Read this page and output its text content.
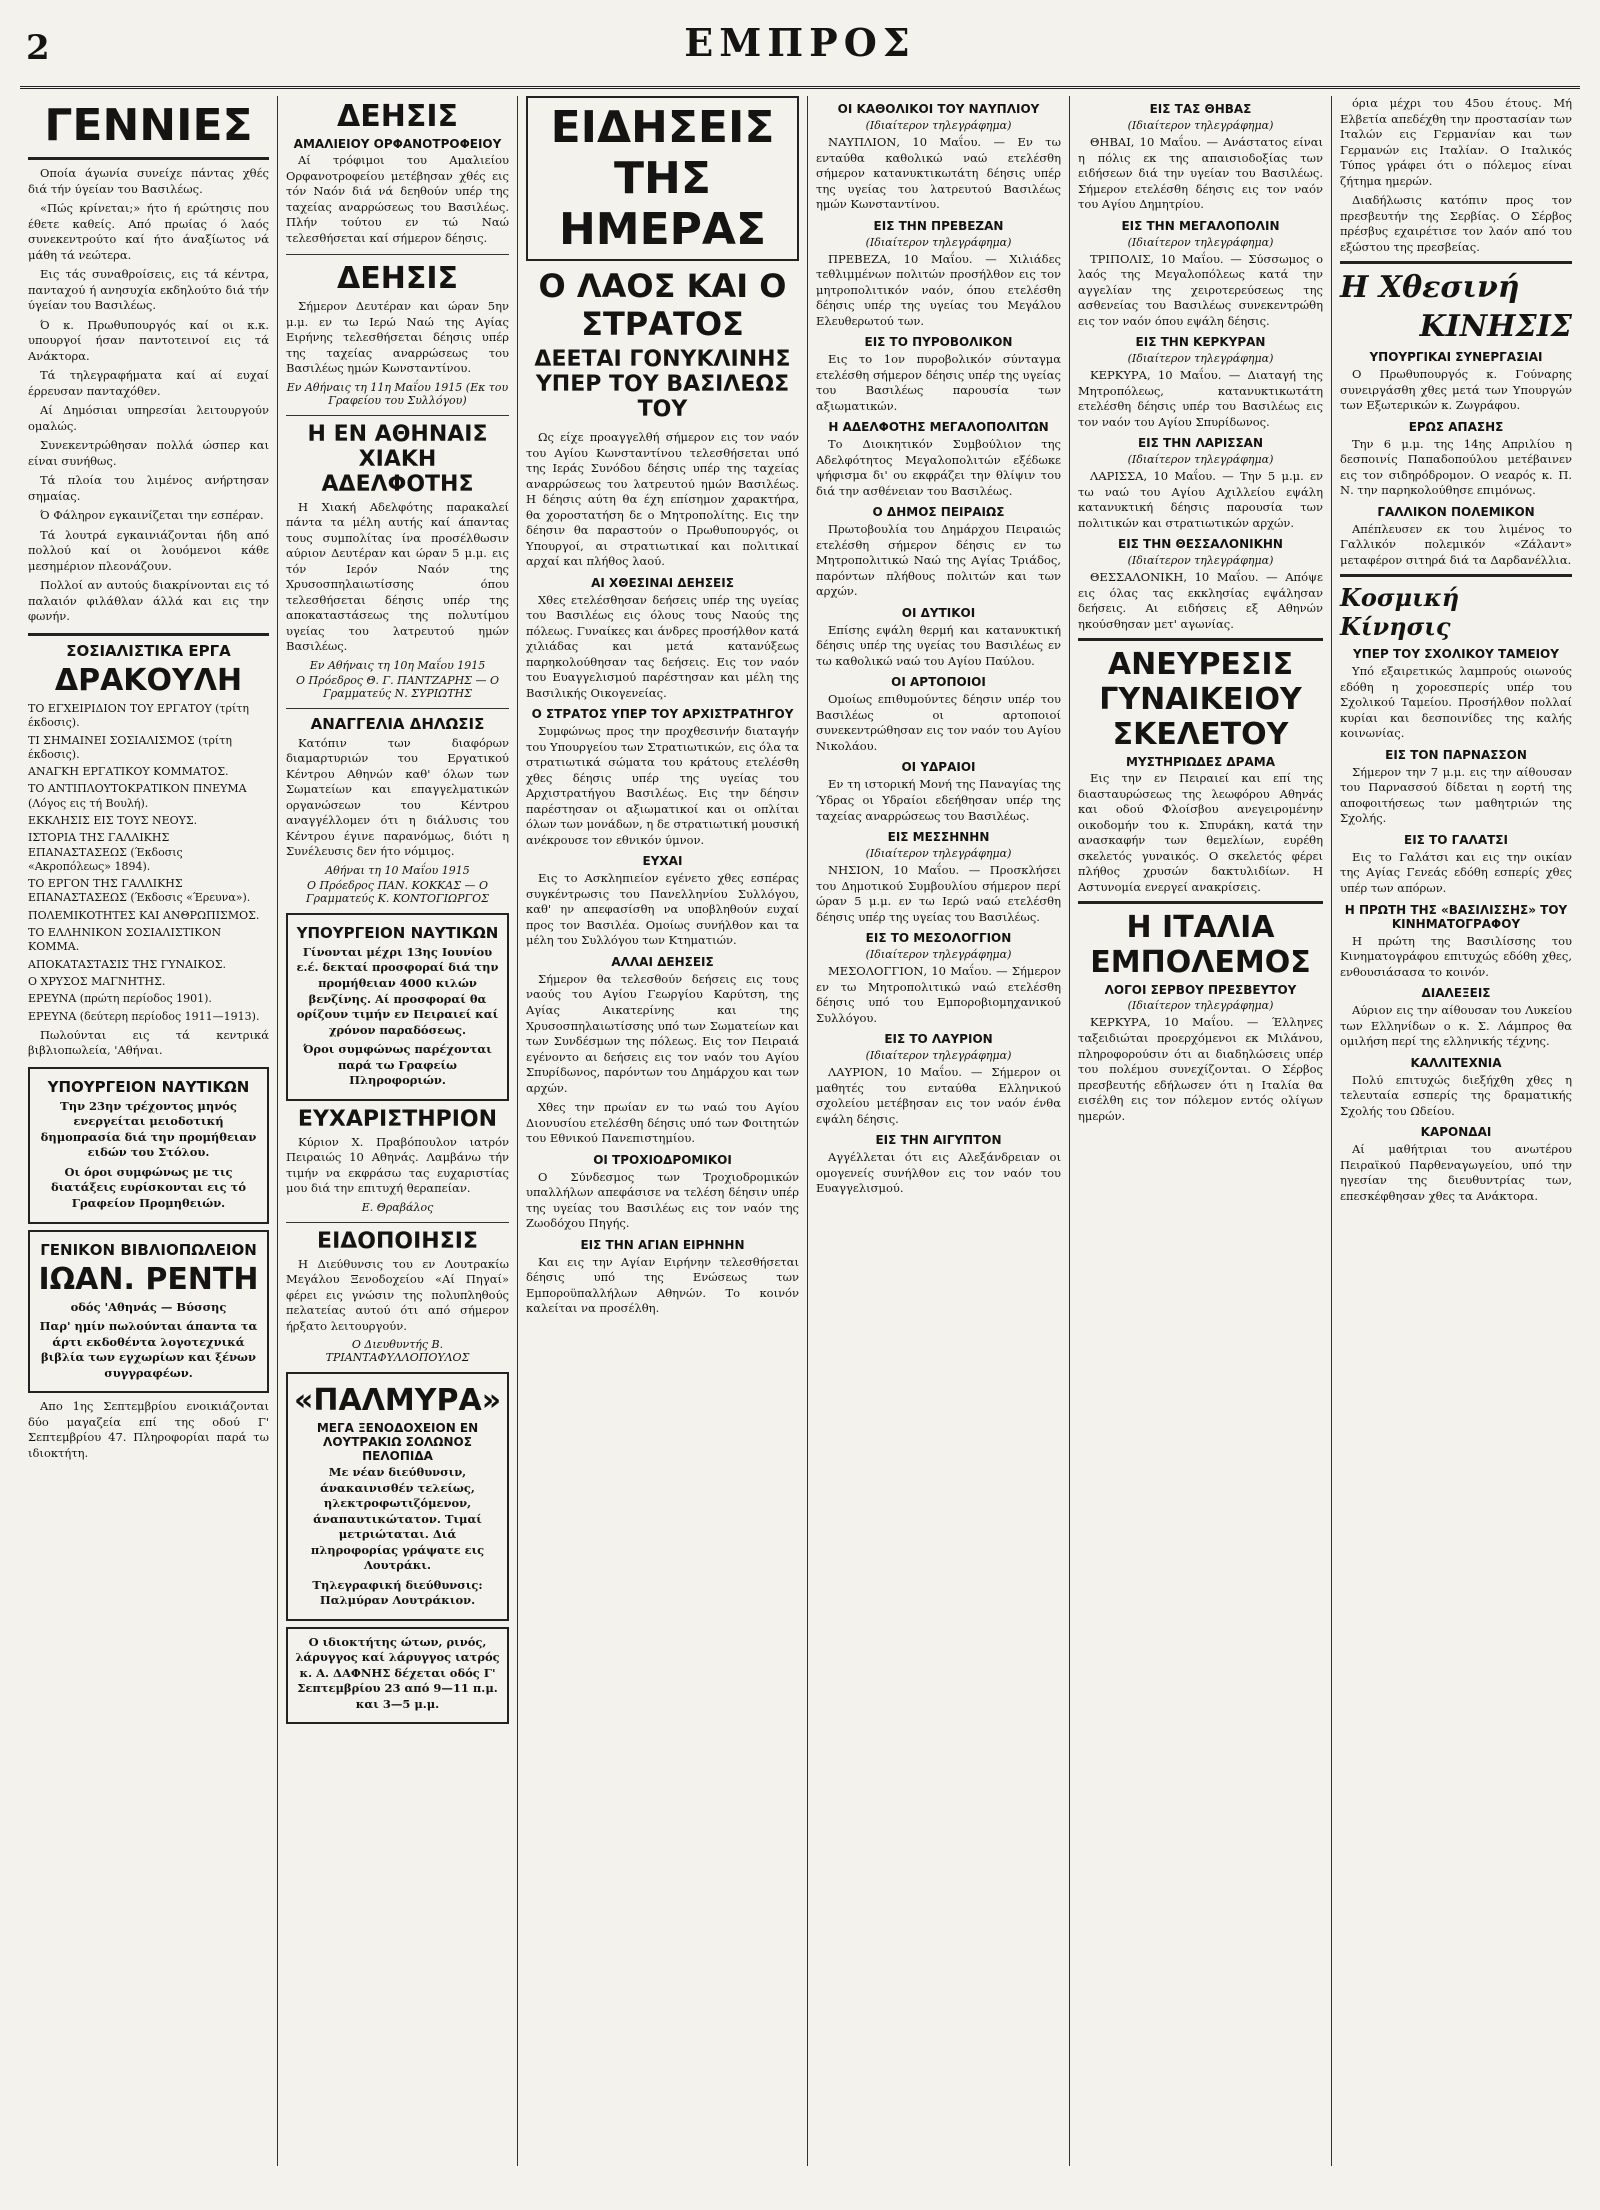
2	ΕΜΠΡΟΣ
ΓΕΝΝΙΕΣ

Οποία άγωνία συνείχε πάντας χθές διά τήν ύγείαν του Βασιλέως.

«Πώς κρίνεται;» ήτο ή ερώτησις που έθετε καθείς. Από πρωίας ό λαός συνεκεντρούτο καί ήτο άναξίωτος νά μάθη τά νεώτερα.

Εις τάς συναθροίσεις, εις τά κέντρα, πανταχού ή ανησυχία εκδηλούτο διά τήν ύγείαν του Βασιλέως.

Ό κ. Πρωθυπουργός καί οι κ.κ. υπουργοί ήσαν παντοτεινοί εις τά Ανάκτορα.

Τά τηλεγραφήματα καί αί ευχαί έρρευσαν πανταχόθεν.

Αί Δημόσιαι υπηρεσίαι λειτουργούν ομαλώς.

Συνεκεντρώθησαν πολλά ώσπερ και είναι συνήθως.

Τά πλοία του λιμένος ανήρτησαν σημαίας.

Ό Φάληρον εγκαινίζεται την εσπέραν.

Τά λουτρά εγκαινιάζονται ήδη από πολλού καί οι λουόμενοι κάθε μεσημέριον πλεονάζουν.

Πολλοί αν αυτούς διακρίνονται εις τό παλαιόν φιλάθλαν άλλά και εις την φωνήν.

ΣΟΣΙΑΛΙΣΤΙΚΑ ΕΡΓΑ
ΔΡΑΚΟΥΛΗ
ΤΟ ΕΓΧΕΙΡΙΔΙΟΝ ΤΟΥ ΕΡΓΑΤΟΥ (τρίτη έκδοσις).
ΤΙ ΣΗΜΑΙΝΕΙ ΣΟΣΙΑΛΙΣΜΟΣ (τρίτη έκδοσις).
ΑΝΑΓΚΗ ΕΡΓΑΤΙΚΟΥ ΚΟΜΜΑΤΟΣ.
ΤΟ ΑΝΤΙΠΛΟΥΤΟΚΡΑΤΙΚΟΝ ΠΝΕΥΜΑ (Λόγος εις τή Βουλή).
ΕΚΚΛΗΣΙΣ ΕΙΣ ΤΟΥΣ ΝΕΟΥΣ.
ΙΣΤΟΡΙΑ ΤΗΣ ΓΑΛΛΙΚΗΣ ΕΠΑΝΑΣΤΑΣΕΩΣ (Έκδοσις «Ακροπόλεως» 1894).
ΤΟ ΕΡΓΟΝ ΤΗΣ ΓΑΛΛΙΚΗΣ ΕΠΑΝΑΣΤΑΣΕΩΣ (Έκδοσις «Έρευνα»).
ΠΟΛΕΜΙΚΟΤΗΤΕΣ ΚΑΙ ΑΝΘΡΩΠΙΣΜΟΣ.
ΤΟ ΕΛΛΗΝΙΚΟΝ ΣΟΣΙΑΛΙΣΤΙΚΟΝ ΚΟΜΜΑ.
ΑΠΟΚΑΤΑΣΤΑΣΙΣ ΤΗΣ ΓΥΝΑΙΚΟΣ.
Ο ΧΡΥΣΟΣ ΜΑΓΝΗΤΗΣ.
ΕΡΕΥΝΑ (πρώτη περίοδος 1901).
ΕΡΕΥΝΑ (δεύτερη περίοδος 1911—1913).

Πωλούνται εις τά κεντρικά βιβλιοπωλεία, 'Αθήναι.

ΥΠΟΥΡΓΕΙΟΝ ΝΑΥΤΙΚΩΝ

Την 23ην τρέχοντος μηνός ενεργείται μειοδοτική δημοπρασία διά την προμήθειαν ειδών του Στόλου.

Οι όροι συμφώνως με τις διατάξεις ευρίσκονται εις τό Γραφείον Προμηθειών.

ΓΕΝΙΚΟΝ ΒΙΒΛΙΟΠΩΛΕΙΟΝ
ΙΩΑΝ. ΡΕΝΤΗ

οδός 'Αθηνάς — Βύσσης

Παρ' ημίν πωλούνται άπαντα τα άρτι εκδοθέντα λογοτεχνικά βιβλία των εγχωρίων και ξένων συγγραφέων.

Απο 1ης Σεπτεμβρίου ενοικιάζονται δύο μαγαζεία επί της οδού Γ' Σεπτεμβρίου 47. Πληροφορίαι παρά τω ιδιοκτήτη.

ΔΕΗΣΙΣ
ΑΜΑΛΙΕΙΟΥ ΟΡΦΑΝΟΤΡΟΦΕΙΟΥ

Αί τρόφιμοι του Αμαλιείου Ορφανοτροφείου μετέβησαν χθές εις τόν Ναόν διά νά δεηθούν υπέρ της ταχείας αναρρώσεως του Βασιλέως. Πλήν τούτου εν τώ Ναώ τελεσθήσεται καί σήμερον δέησις.

ΔΕΗΣΙΣ

Σήμερον Δευτέραν και ώραν 5ην μ.μ. εν τω Ιερώ Ναώ της Αγίας Ειρήνης τελεσθήσεται δέησις υπέρ της ταχείας αναρρώσεως του Βασιλέως ημών Κωνσταντίνου.

Εν Αθήναις τη 11η Μαΐου 1915 (Εκ του Γραφείου του Συλλόγου)
Η ΕΝ ΑΘΗΝΑΙΣ ΧΙΑΚΗ ΑΔΕΛΦΟΤΗΣ

Η Χιακή Αδελφότης παρακαλεί πάντα τα μέλη αυτής καί άπαντας τους συμπολίτας ίνα προσέλθωσιν αύριον Δευτέραν και ώραν 5 μ.μ. εις τόν Ιερόν Ναόν της Χρυσοσπηλαιωτίσσης όπου τελεσθήσεται δέησις υπέρ της αποκαταστάσεως της πολυτίμου υγείας του λατρευτού ημών Βασιλέως.

Εν Αθήναις τη 10η Μαΐου 1915
Ο Πρόεδρος Θ. Γ. ΠΑΝΤΖΑΡΗΣ — Ο Γραμματεύς Ν. ΣΥΡΙΩΤΗΣ
ΑΝΑΓΓΕΛΙΑ ΔΗΛΩΣΙΣ

Κατόπιν των διαφόρων διαμαρτυριών του Εργατικού Κέντρου Αθηνών καθ' όλων των Σωματείων και επαγγελματικών οργανώσεων του Κέντρου αναγγέλλομεν ότι η διάλυσις του Κέντρου έγινε παρανόμως, διότι η Συνέλευσις δεν ήτο νόμιμος.

Αθήναι τη 10 Μαΐου 1915
Ο Πρόεδρος ΠΑΝ. ΚΟΚΚΑΣ — Ο Γραμματεύς Κ. ΚΟΝΤΟΓΙΩΡΓΟΣ
ΥΠΟΥΡΓΕΙΟΝ ΝΑΥΤΙΚΩΝ

Γίνονται μέχρι 13ης Ιουνίου ε.έ. δεκταί προσφοραί διά την προμήθειαν 4000 κιλών βενζίνης. Αί προσφοραί θα ορίζουν τιμήν εν Πειραιεί καί χρόνον παραδόσεως.

Όροι συμφώνως παρέχονται παρά τω Γραφείω Πληροφοριών.

ΕΥΧΑΡΙΣΤΗΡΙΟΝ

Κύριον Χ. Πραβόπουλον ιατρόν Πειραιώς 10 Αθηνάς. Λαμβάνω τήν τιμήν να εκφράσω τας ευχαριστίας μου διά την επιτυχή θεραπείαν.

Ε. Θραβάλος
ΕΙΔΟΠΟΙΗΣΙΣ

Η Διεύθυνσις του εν Λουτρακίω Μεγάλου Ξενοδοχείου «Αί Πηγαί» φέρει εις γνώσιν της πολυπληθούς πελατείας αυτού ότι από σήμερον ήρξατο λειτουργούν.

Ο Διευθυντής Β. ΤΡΙΑΝΤΑΦΥΛΛΟΠΟΥΛΟΣ
«ΠΑΛΜΥΡΑ»
ΜΕΓΑ ΞΕΝΟΔΟΧΕΙΟΝ ΕΝ ΛΟΥΤΡΑΚΙΩ ΣΟΛΩΝΟΣ ΠΕΛΟΠΙΔΑ

Με νέαν διεύθυνσιν, άνακαινισθέν τελείως, ηλεκτροφωτιζόμενον, άναπαυτικώτατον. Τιμαί μετριώταται. Διά πληροφορίας γράψατε εις Λουτράκι.

Τηλεγραφική διεύθυνσις: Παλμύραν Λουτράκιον.

Ο ιδιοκτήτης ώτων, ρινός, λάρυγγος καί λάρυγγος ιατρός κ. Α. ΔΑΦΝΗΣ δέχεται οδός Γ' Σεπτεμβρίου 23 από 9—11 π.μ. και 3—5 μ.μ.

ΕΙΔΗΣΕΙΣ ΤΗΣ ΗΜΕΡΑΣ
Ο ΛΑΟΣ ΚΑΙ Ο ΣΤΡΑΤΟΣ
ΔΕΕΤΑΙ ΓΟΝΥΚΛΙΝΗΣ ΥΠΕΡ ΤΟΥ ΒΑΣΙΛΕΩΣ ΤΟΥ

Ως είχε προαγγελθή σήμερον εις τον ναόν του Αγίου Κωνσταντίνου τελεσθήσεται υπό της Ιεράς Συνόδου δέησις υπέρ της ταχείας αναρρώσεως του λατρευτού ημών Βασιλέως. Η δέησις αύτη θα έχη επίσημον χαρακτήρα, θα χοροστατήση δε ο Μητροπολίτης. Εις την δέησιν θα παραστούν ο Πρωθυπουργός, οι Υπουργοί, αι στρατιωτικαί και πολιτικαί αρχαί και πλήθος λαού.

ΑΙ ΧΘΕΣΙΝΑΙ ΔΕΗΣΕΙΣ

Χθες ετελέσθησαν δεήσεις υπέρ της υγείας του Βασιλέως εις όλους τους Ναούς της πόλεως. Γυναίκες και άνδρες προσήλθον κατά χιλιάδας και μετά κατανύξεως παρηκολούθησαν τας δεήσεις. Εις τον ναόν του Ευαγγελισμού παρέστησαν και μέλη της Βασιλικής Οικογενείας.

Ο ΣΤΡΑΤΟΣ ΥΠΕΡ ΤΟΥ ΑΡΧΙΣΤΡΑΤΗΓΟΥ

Συμφώνως προς την προχθεσινήν διαταγήν του Υπουργείου των Στρατιωτικών, εις όλα τα στρατιωτικά σώματα του κράτους ετελέσθη χθες δέησις υπέρ της υγείας του Αρχιστρατήγου Βασιλέως. Εις την δέησιν παρέστησαν οι αξιωματικοί και οι οπλίται όλων των μονάδων, η δε στρατιωτική μουσική ανέκρουσε τον εθνικόν ύμνον.

ΕΥΧΑΙ

Εις το Ασκληπιείον εγένετο χθες εσπέρας συγκέντρωσις του Πανελληνίου Συλλόγου, καθ' ην απεφασίσθη να υποβληθούν ευχαί προς τον Βασιλέα. Ομοίως συνήλθον και τα μέλη του Συλλόγου των Κτηματιών.

ΑΛΛΑΙ ΔΕΗΣΕΙΣ

Σήμερον θα τελεσθούν δεήσεις εις τους ναούς του Αγίου Γεωργίου Καρύτση, της Αγίας Αικατερίνης και της Χρυσοσπηλαιωτίσσης υπό των Σωματείων και των Συνδέσμων της πόλεως. Εις τον Πειραιά εγένοντο αι δεήσεις εις τον ναόν του Αγίου Σπυρίδωνος, παρόντων του Δημάρχου και των αρχών.

Χθες την πρωίαν εν τω ναώ του Αγίου Διονυσίου ετελέσθη δέησις υπό των Φοιτητών του Εθνικού Πανεπιστημίου.

ΟΙ ΤΡΟΧΙΟΔΡΟΜΙΚΟΙ

Ο Σύνδεσμος των Τροχιοδρομικών υπαλλήλων απεφάσισε να τελέση δέησιν υπέρ της υγείας του Βασιλέως εις τον ναόν της Ζωοδόχου Πηγής.

ΕΙΣ ΤΗΝ ΑΓΙΑΝ ΕΙΡΗΝΗΝ

Και εις την Αγίαν Ειρήνην τελεσθήσεται δέησις υπό της Ενώσεως των Εμποροϋπαλλήλων Αθηνών. Το κοινόν καλείται να προσέλθη.

ΟΙ ΚΑΘΟΛΙΚΟΙ ΤΟΥ ΝΑΥΠΛΙΟΥ
(Ιδιαίτερον τηλεγράφημα)

ΝΑΥΠΛΙΟΝ, 10 Μαΐου. — Εν τω ενταύθα καθολικώ ναώ ετελέσθη σήμερον κατανυκτικωτάτη δέησις υπέρ της υγείας του λατρευτού Βασιλέως ημών Κωνσταντίνου.

ΕΙΣ ΤΗΝ ΠΡΕΒΕΖΑΝ
(Ιδιαίτερον τηλεγράφημα)

ΠΡΕΒΕΖΑ, 10 Μαΐου. — Χιλιάδες τεθλιμμένων πολιτών προσήλθον εις τον μητροπολιτικόν ναόν, όπου ετελέσθη δέησις υπέρ της υγείας του Μεγάλου Ελευθερωτού των.

ΕΙΣ ΤΟ ΠΥΡΟΒΟΛΙΚΟΝ

Εις το 1ον πυροβολικόν σύνταγμα ετελέσθη σήμερον δέησις υπέρ της υγείας του Βασιλέως παρουσία των αξιωματικών.

Η ΑΔΕΛΦΟΤΗΣ ΜΕΓΑΛΟΠΟΛΙΤΩΝ

Το Διοικητικόν Συμβούλιον της Αδελφότητος Μεγαλοπολιτών εξέδωκε ψήφισμα δι' ου εκφράζει την θλίψιν του διά την ασθένειαν του Βασιλέως.

Ο ΔΗΜΟΣ ΠΕΙΡΑΙΩΣ

Πρωτοβουλία του Δημάρχου Πειραιώς ετελέσθη σήμερον δέησις εν τω Μητροπολιτικώ Ναώ της Αγίας Τριάδος, παρόντων πλήθους πολιτών και των αρχών.

ΟΙ ΔΥΤΙΚΟΙ

Επίσης εψάλη θερμή και κατανυκτική δέησις υπέρ της υγείας του Βασιλέως εν τω καθολικώ ναώ του Αγίου Παύλου.

ΟΙ ΑΡΤΟΠΟΙΟΙ

Ομοίως επιθυμούντες δέησιν υπέρ του Βασιλέως οι αρτοποιοί συνεκεντρώθησαν εις τον ναόν του Αγίου Νικολάου.

ΟΙ ΥΔΡΑΙΟΙ

Εν τη ιστορική Μονή της Παναγίας της Ύδρας οι Υδραίοι εδεήθησαν υπέρ της ταχείας αναρρώσεως του Βασιλέως.

ΕΙΣ ΜΕΣΣΗΝΗΝ
(Ιδιαίτερον τηλεγράφημα)

ΝΗΣΙΟΝ, 10 Μαΐου. — Προσκλήσει του Δημοτικού Συμβουλίου σήμερον περί ώραν 5 μ.μ. εν τω Ιερώ ναώ ετελέσθη δέησις υπέρ της υγείας του Βασιλέως.

ΕΙΣ ΤΟ ΜΕΣΟΛΟΓΓΙΟΝ
(Ιδιαίτερον τηλεγράφημα)

ΜΕΣΟΛΟΓΓΙΟΝ, 10 Μαΐου. — Σήμερον εν τω Μητροπολιτικώ ναώ ετελέσθη δέησις υπό του Εμποροβιομηχανικού Συλλόγου.

ΕΙΣ ΤΟ ΛΑΥΡΙΟΝ
(Ιδιαίτερον τηλεγράφημα)

ΛΑΥΡΙΟΝ, 10 Μαΐου. — Σήμερον οι μαθητές του ενταύθα Ελληνικού σχολείου μετέβησαν εις τον ναόν ένθα εψάλη δέησις.

ΕΙΣ ΤΗΝ ΑΙΓΥΠΤΟΝ

Αγγέλλεται ότι εις Αλεξάνδρειαν οι ομογενείς συνήλθον εις τον ναόν του Ευαγγελισμού.

ΕΙΣ ΤΑΣ ΘΗΒΑΣ
(Ιδιαίτερον τηλεγράφημα)

ΘΗΒΑΙ, 10 Μαΐου. — Ανάστατος είναι η πόλις εκ της απαισιοδοξίας των ειδήσεων διά την υγείαν του Βασιλέως. Σήμερον ετελέσθη δέησις εις τον ναόν του Αγίου Δημητρίου.

ΕΙΣ ΤΗΝ ΜΕΓΑΛΟΠΟΛΙΝ
(Ιδιαίτερον τηλεγράφημα)

ΤΡΙΠΟΛΙΣ, 10 Μαΐου. — Σύσσωμος ο λαός της Μεγαλοπόλεως κατά την αγγελίαν της χειροτερεύσεως της ασθενείας του Βασιλέως συνεκεντρώθη εις τον ναόν όπου εψάλη δέησις.

ΕΙΣ ΤΗΝ ΚΕΡΚΥΡΑΝ
(Ιδιαίτερον τηλεγράφημα)

ΚΕΡΚΥΡΑ, 10 Μαΐου. — Διαταγή της Μητροπόλεως, κατανυκτικωτάτη ετελέσθη δέησις υπέρ του Βασιλέως εις τον ναόν του Αγίου Σπυρίδωνος.

ΕΙΣ ΤΗΝ ΛΑΡΙΣΣΑΝ
(Ιδιαίτερον τηλεγράφημα)

ΛΑΡΙΣΣΑ, 10 Μαΐου. — Την 5 μ.μ. εν τω ναώ του Αγίου Αχιλλείου εψάλη κατανυκτική δέησις παρουσία των πολιτικών και στρατιωτικών αρχών.

ΕΙΣ ΤΗΝ ΘΕΣΣΑΛΟΝΙΚΗΝ
(Ιδιαίτερον τηλεγράφημα)

ΘΕΣΣΑΛΟΝΙΚΗ, 10 Μαΐου. — Απόψε εις όλας τας εκκλησίας εψάλησαν δεήσεις. Αι ειδήσεις εξ Αθηνών ηκούσθησαν μετ' αγωνίας.

ΑΝΕΥΡΕΣΙΣ ΓΥΝΑΙΚΕΙΟΥ ΣΚΕΛΕΤΟΥ
ΜΥΣΤΗΡΙΩΔΕΣ ΔΡΑΜΑ

Εις την εν Πειραιεί και επί της διασταυρώσεως της λεωφόρου Αθηνάς και οδού Φλοίσβου ανεγειρομένην οικοδομήν του κ. Σπυράκη, κατά την ανασκαφήν των θεμελίων, ευρέθη σκελετός γυναικός. Ο σκελετός φέρει πλήθος χρυσών δακτυλιδίων. Η Αστυνομία ενεργεί ανακρίσεις.

Η ΙΤΑΛΙΑ ΕΜΠΟΛΕΜΟΣ
ΛΟΓΟΙ ΣΕΡΒΟΥ ΠΡΕΣΒΕΥΤΟΥ
(Ιδιαίτερον τηλεγράφημα)

ΚΕΡΚΥΡΑ, 10 Μαΐου. — Έλληνες ταξειδιώται προερχόμενοι εκ Μιλάνου, πληροφορούσιν ότι αι διαδηλώσεις υπέρ του πολέμου συνεχίζονται. Ο Σέρβος πρεσβευτής εδήλωσεν ότι η Ιταλία θα εισέλθη εις τον πόλεμον εντός ολίγων ημερών.

όρια μέχρι του 45ου έτους. Μή Ελβετία απεδέχθη την προστασίαν των Ιταλών εις Γερμανίαν και των Γερμανών εις Ιταλίαν. Ο Ιταλικός Τύπος γράφει ότι ο πόλεμος είναι ζήτημα ημερών.

Διαδήλωσις κατόπιν προς τον πρεσβευτήν της Σερβίας. Ο Σέρβος πρέσβυς εχαιρέτισε τον λαόν από του εξώστου της πρεσβείας.

Η Χθεσινή
ΚΙΝΗΣΙΣ
ΥΠΟΥΡΓΙΚΑΙ ΣΥΝΕΡΓΑΣΙΑΙ

Ο Πρωθυπουργός κ. Γούναρης συνειργάσθη χθες μετά των Υπουργών των Εξωτερικών κ. Ζωγράφου.

ΕΡΩΣ ΑΠΑΣΗΣ

Την 6 μ.μ. της 14ης Απριλίου η δεσποινίς Παπαδοπούλου μετέβαινεν εις τον σιδηρόδρομον. Ο νεαρός κ. Π. Ν. την παρηκολούθησε επιμόνως.

ΓΑΛΛΙΚΟΝ ΠΟΛΕΜΙΚΟΝ

Απέπλευσεν εκ του λιμένος το Γαλλικόν πολεμικόν «Ζάλαντ» μεταφέρον σιτηρά διά τα Δαρδανέλλια.

Κοσμική Κίνησις
ΥΠΕΡ ΤΟΥ ΣΧΟΛΙΚΟΥ ΤΑΜΕΙΟΥ

Υπό εξαιρετικώς λαμπρούς οιωνούς εδόθη η χοροεσπερίς υπέρ του Σχολικού Ταμείου. Προσήλθον πολλαί κυρίαι και δεσποινίδες της καλής κοινωνίας.

ΕΙΣ ΤΟΝ ΠΑΡΝΑΣΣΟΝ

Σήμερον την 7 μ.μ. εις την αίθουσαν του Παρνασσού δίδεται η εορτή της αποφοιτήσεως των μαθητριών της Σχολής.

ΕΙΣ ΤΟ ΓΑΛΑΤΣΙ

Εις το Γαλάτσι και εις την οικίαν της Αγίας Γενεάς εδόθη εσπερίς χθες υπέρ των απόρων.

Η ΠΡΩΤΗ ΤΗΣ «ΒΑΣΙΛΙΣΣΗΣ» ΤΟΥ ΚΙΝΗΜΑΤΟΓΡΑΦΟΥ

Η πρώτη της Βασιλίσσης του Κινηματογράφου επιτυχώς εδόθη χθες, ενθουσιάσασα το κοινόν.

ΔΙΑΛΕΞΕΙΣ

Αύριον εις την αίθουσαν του Λυκείου των Ελληνίδων ο κ. Σ. Λάμπρος θα ομιλήση περί της ελληνικής τέχνης.

ΚΑΛΛΙΤΕΧΝΙΑ

Πολύ επιτυχώς διεξήχθη χθες η τελευταία εσπερίς της δραματικής Σχολής του Ωδείου.

ΚΑΡΟΝΔΑΙ

Αί μαθήτριαι του ανωτέρου Πειραϊκού Παρθεναγωγείου, υπό την ηγεσίαν της διευθυντρίας των, επεσκέφθησαν χθες τα Ανάκτορα.
